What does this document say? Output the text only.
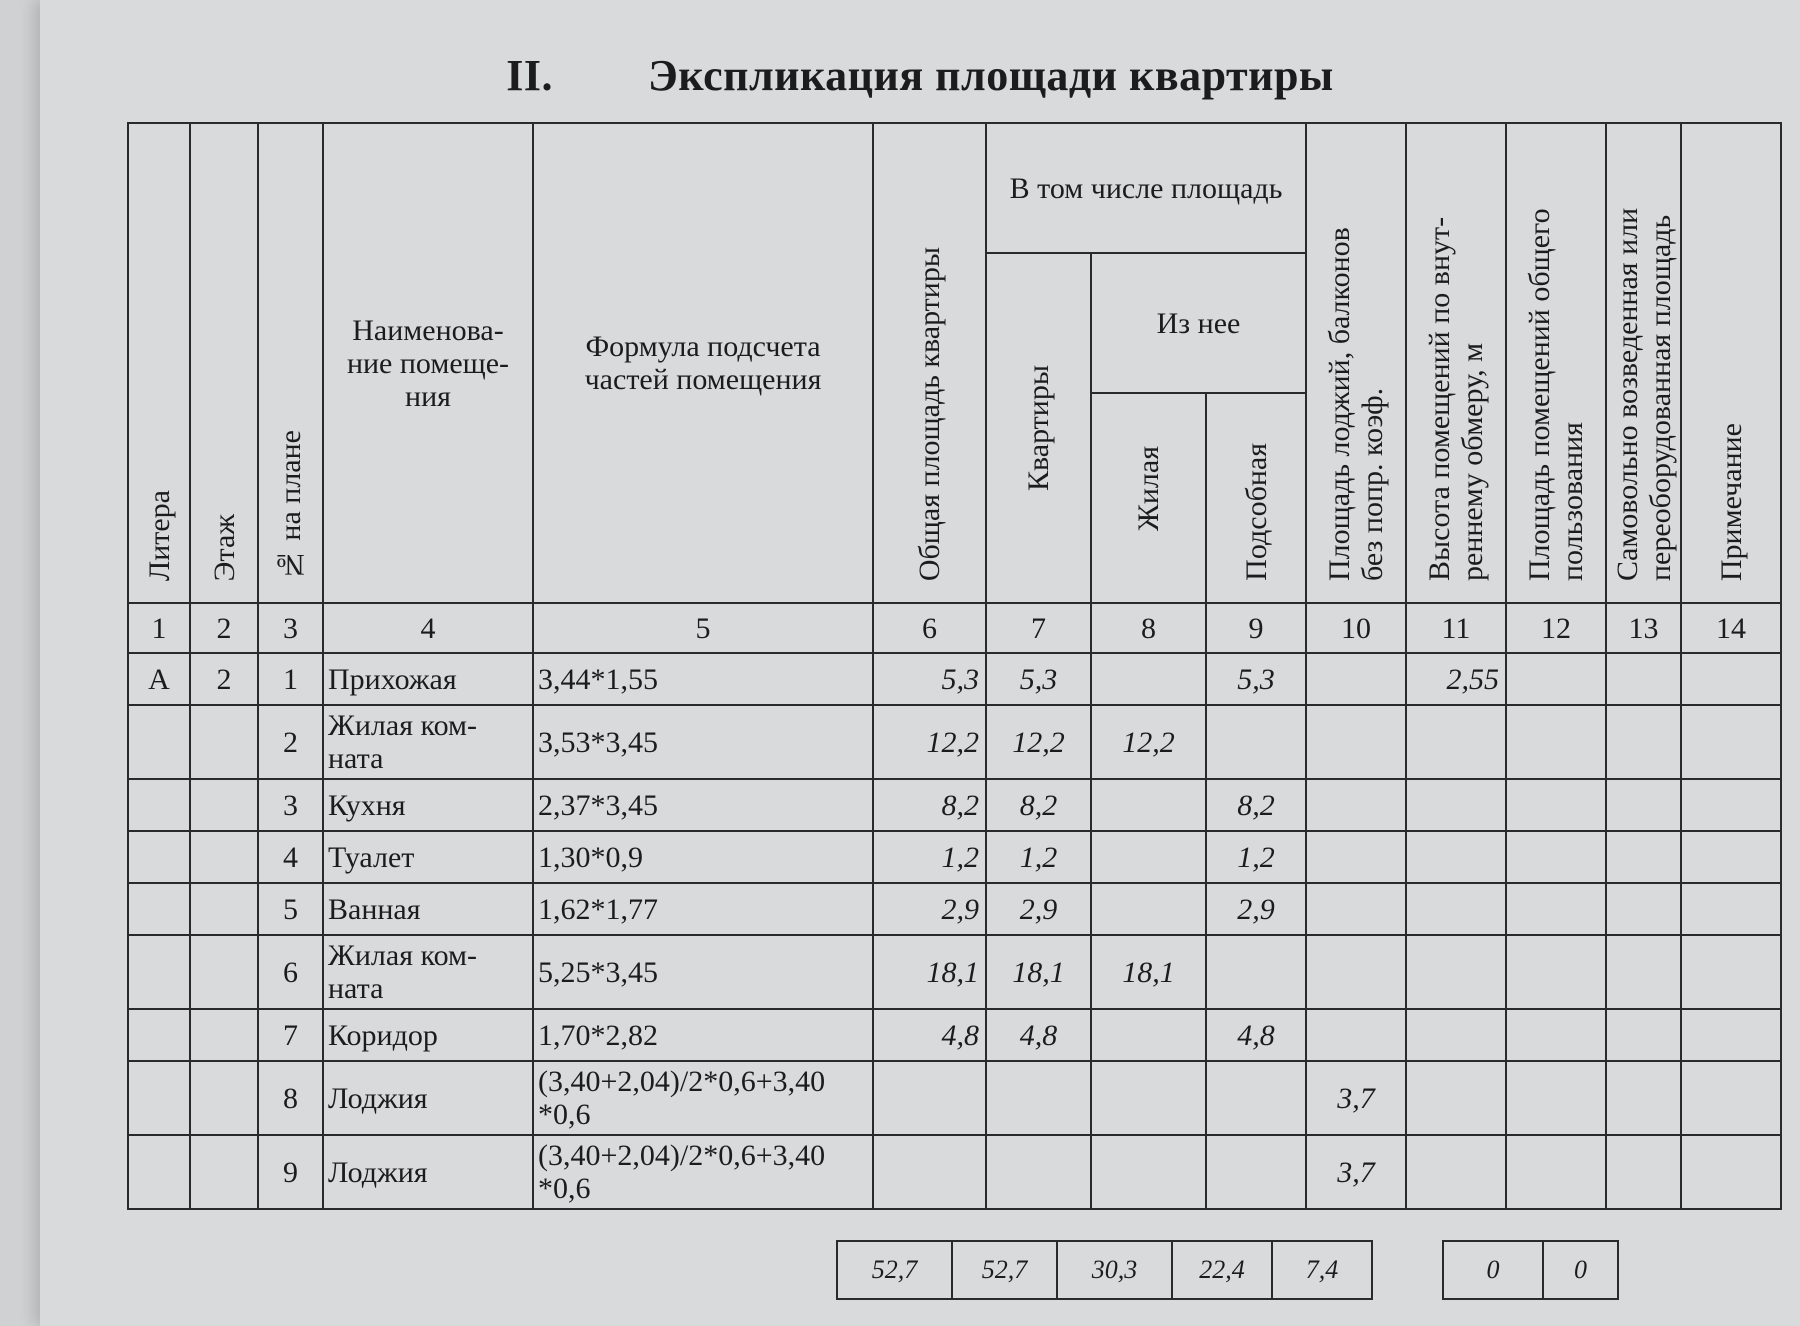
II. Экспликация площади квартиры
Литера	Этаж	№ на плане	Наименова-ние помеще-ния	Формула подсчета частей помещения	Общая площадь квартиры	В том числе площадь			Площадь лоджий, балконов без попр. коэф.	Высота помещений по внут-реннему обмеру, м	Площадь помещений общего пользования	Самовольно возведенная или переоборудованная площадь	Примечание
						Квартиры	Из нее						
							Жилая	Подсобная					
1	2	3	4	5	6	7	8	9	10	11	12	13	14
А	2	1	Прихожая	3,44*1,55	5,3	5,3		5,3		2,55			
		2	Жилая ком-ната	3,53*3,45	12,2	12,2	12,2						
		3	Кухня	2,37*3,45	8,2	8,2		8,2					
		4	Туалет	1,30*0,9	1,2	1,2		1,2					
		5	Ванная	1,62*1,77	2,9	2,9		2,9					
		6	Жилая ком-ната	5,25*3,45	18,1	18,1	18,1						
		7	Коридор	1,70*2,82	4,8	4,8		4,8					
		8	Лоджия	(3,40+2,04)/2*0,6+3,40 *0,6					3,7				
		9	Лоджия	(3,40+2,04)/2*0,6+3,40 *0,6					3,7				
52,7	52,7	30,3	22,4	7,4	0	0
